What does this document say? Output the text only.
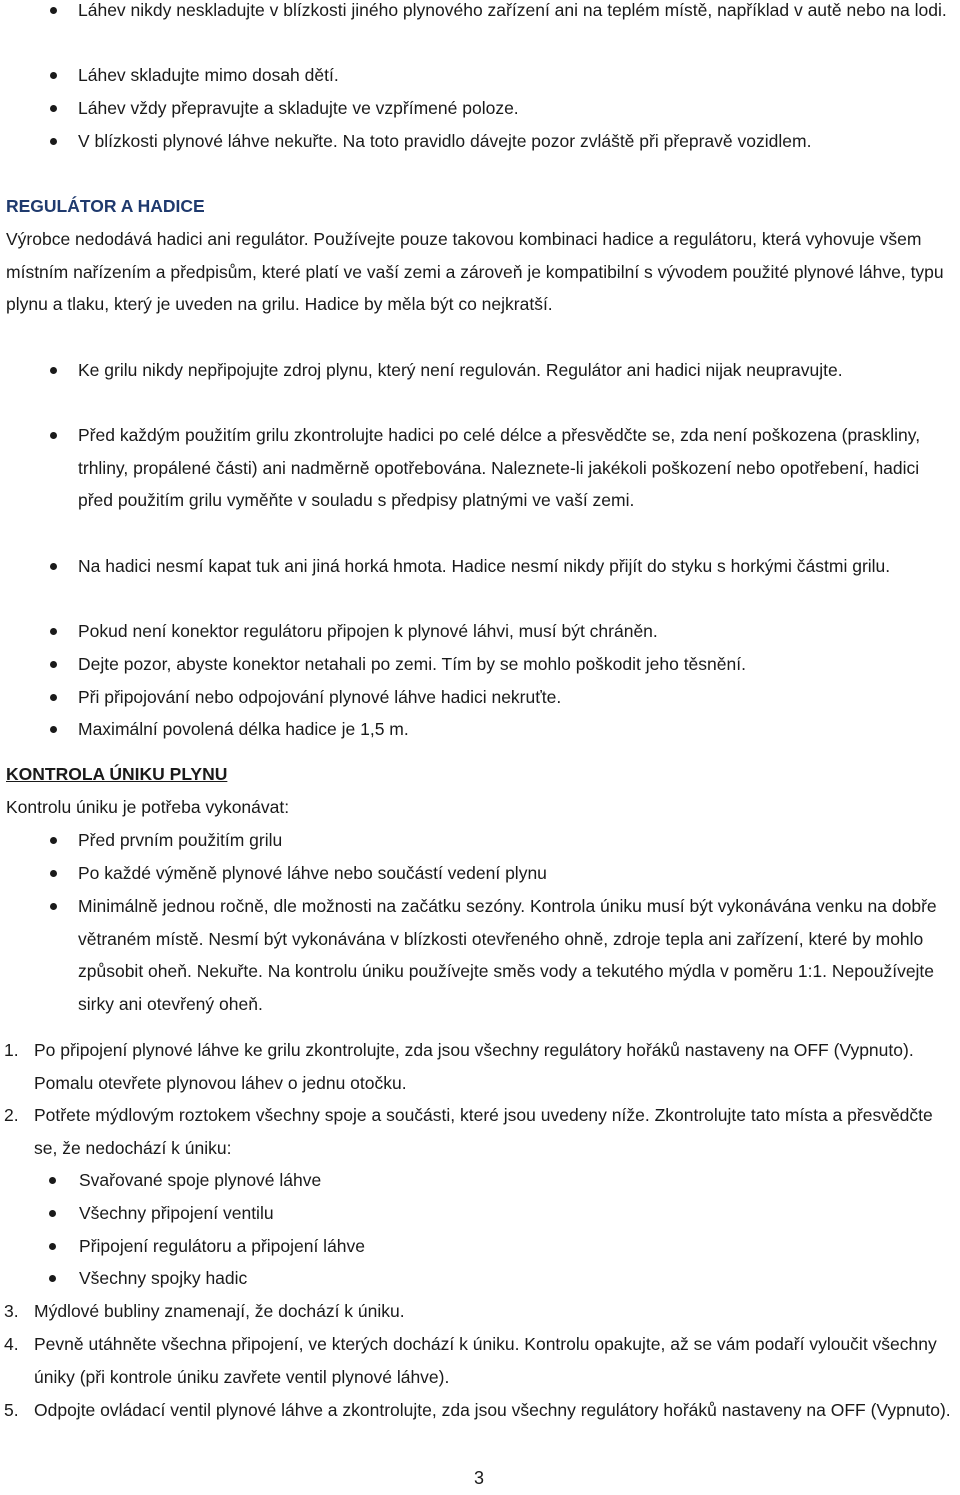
Láhev nikdy neskladujte v blízkosti jiného plynového zařízení ani na teplém místě, například v autě nebo na lodi.

Láhev skladujte mimo dosah dětí.

Láhev vždy přepravujte a skladujte ve vzpřímené poloze.

V blízkosti plynové láhve nekuřte. Na toto pravidlo dávejte pozor zvláště při přepravě vozidlem.

REGULÁTOR A HADICE

Výrobce nedodává hadici ani regulátor. Používejte pouze takovou kombinaci hadice a regulátoru, která vyhovuje všem místním nařízením a předpisům, které platí ve vaší zemi a zároveň je kompatibilní s vývodem použité plynové láhve, typu plynu a tlaku, který je uveden na grilu. Hadice by měla být co nejkratší.

Ke grilu nikdy nepřipojujte zdroj plynu, který není regulován. Regulátor ani hadici nijak neupravujte.

Před každým použitím grilu zkontrolujte hadici po celé délce a přesvědčte se, zda není poškozena (praskliny, trhliny, propálené části) ani nadměrně opotřebována. Naleznete-li jakékoli poškození nebo opotřebení, hadici před použitím grilu vyměňte v souladu s předpisy platnými ve vaší zemi.

Na hadici nesmí kapat tuk ani jiná horká hmota. Hadice nesmí nikdy přijít do styku s horkými částmi grilu.

Pokud není konektor regulátoru připojen k plynové láhvi, musí být chráněn.

Dejte pozor, abyste konektor netahali po zemi. Tím by se mohlo poškodit jeho těsnění.

Při připojování nebo odpojování plynové láhve hadici nekruťte.

Maximální povolená délka hadice je 1,5 m.

KONTROLA ÚNIKU PLYNU

Kontrolu úniku je potřeba vykonávat:

Před prvním použitím grilu

Po každé výměně plynové láhve nebo součástí vedení plynu

Minimálně jednou ročně, dle možnosti na začátku sezóny. Kontrola úniku musí být vykonávána venku na dobře větraném místě. Nesmí být vykonávána v blízkosti otevřeného ohně, zdroje tepla ani zařízení, které by mohlo způsobit oheň. Nekuřte. Na kontrolu úniku používejte směs vody a tekutého mýdla v poměru 1:1. Nepoužívejte sirky ani otevřený oheň.

1. Po připojení plynové láhve ke grilu zkontrolujte, zda jsou všechny regulátory hořáků nastaveny na OFF (Vypnuto). Pomalu otevřete plynovou láhev o jednu otočku.

2. Potřete mýdlovým roztokem všechny spoje a součásti, které jsou uvedeny níže. Zkontrolujte tato místa a přesvědčte se, že nedochází k úniku:

Svařované spoje plynové láhve

Všechny připojení ventilu

Připojení regulátoru a připojení láhve

Všechny spojky hadic

3. Mýdlové bubliny znamenají, že dochází k úniku.

4. Pevně utáhněte všechna připojení, ve kterých dochází k úniku. Kontrolu opakujte, až se vám podaří vyloučit všechny úniky (při kontrole úniku zavřete ventil plynové láhve).

5. Odpojte ovládací ventil plynové láhve a zkontrolujte, zda jsou všechny regulátory hořáků nastaveny na OFF (Vypnuto).

3
